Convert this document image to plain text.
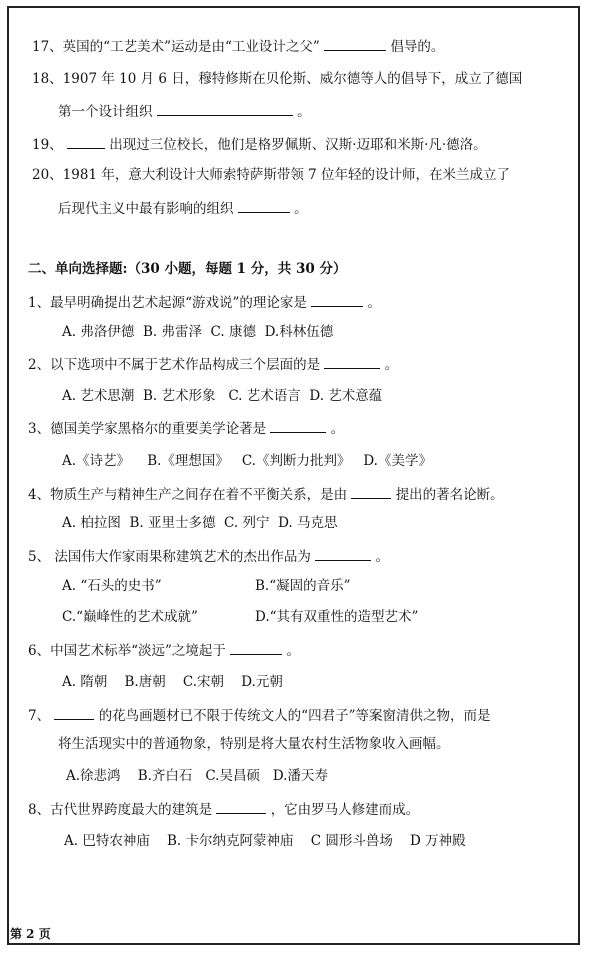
17、英国的“工艺美术”运动是由“工业设计之父”	倡导的。
18、1907 年 10 月 6 日，穆特修斯在贝伦斯、威尔德等人的倡导下，成立了德国
第一个设计组织	。
19、	出现过三位校长，他们是格罗佩斯、汉斯·迈耶和米斯·凡·德洛。
20、1981 年，意大利设计大师索特萨斯带领 7 位年轻的设计师，在米兰成立了
后现代主义中最有影响的组织	。
二、单向选择题:（30 小题，每题 1 分，共 30 分）
1、最早明确提出艺术起源“游戏说”的理论家是	。
A. 弗洛伊德 B. 弗雷泽 C. 康德 D.科林伍德
2、以下选项中不属于艺术作品构成三个层面的是	。
A. 艺术思潮 B. 艺术形象 C. 艺术语言 D. 艺术意蕴
3、德国美学家黑格尔的重要美学论著是	。
A.《诗艺》 B.《理想国》 C.《判断力批判》 D.《美学》
4、物质生产与精神生产之间存在着不平衡关系，是由	提出的著名论断。
A. 柏拉图 B. 亚里士多德 C. 列宁 D. 马克思
5、 法国伟大作家雨果称建筑艺术的杰出作品为	。
A. “石头的史书”	B.“凝固的音乐”
C.“巅峰性的艺术成就”	D.“其有双重性的造型艺术”
6、中国艺术标举“淡远”之境起于	。
A. 隋朝 B.唐朝 C.宋朝 D.元朝
7、	的花鸟画题材已不限于传统文人的“四君子”等案窗清供之物，而是
将生活现实中的普通物象，特别是将大量农村生活物象收入画幅。
A.徐悲鸿 B.齐白石 C.吴昌硕 D.潘天寿
8、古代世界跨度最大的建筑是	，它由罗马人修建而成。
A. 巴特农神庙 B. 卡尔纳克阿蒙神庙 C 圆形斗兽场 D 万神殿
第 2 页
